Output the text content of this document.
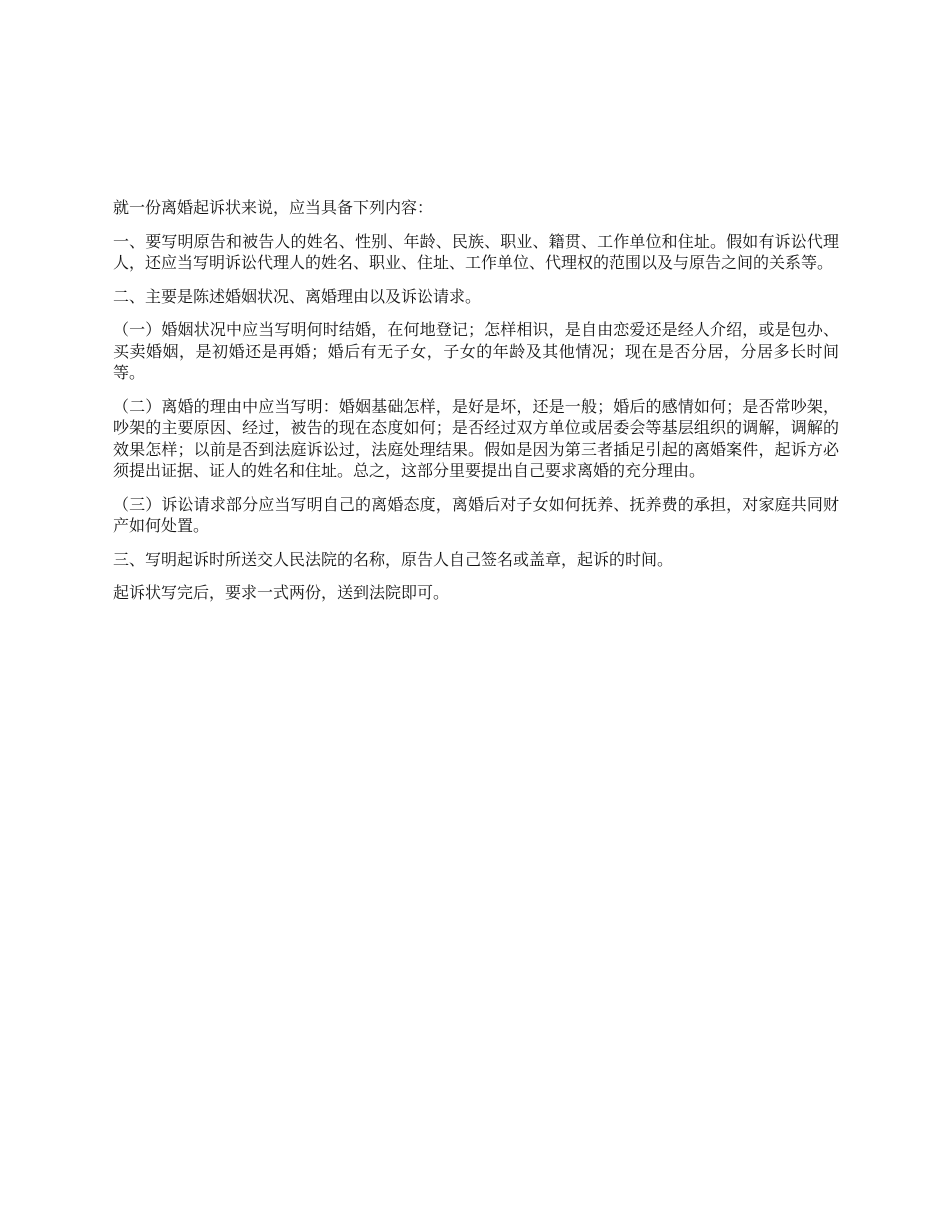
就一份离婚起诉状来说，应当具备下列内容：

一、要写明原告和被告人的姓名、性别、年龄、民族、职业、籍贯、工作单位和住址。假如有诉讼代理人，还应当写明诉讼代理人的姓名、职业、住址、工作单位、代理权的范围以及与原告之间的关系等。

二、主要是陈述婚姻状况、离婚理由以及诉讼请求。

（一）婚姻状况中应当写明何时结婚，在何地登记；怎样相识，是自由恋爱还是经人介绍，或是包办、买卖婚姻，是初婚还是再婚；婚后有无子女，子女的年龄及其他情况；现在是否分居，分居多长时间等。

（二）离婚的理由中应当写明：婚姻基础怎样，是好是坏，还是一般；婚后的感情如何；是否常吵架，吵架的主要原因、经过，被告的现在态度如何；是否经过双方单位或居委会等基层组织的调解，调解的效果怎样；以前是否到法庭诉讼过，法庭处理结果。假如是因为第三者插足引起的离婚案件，起诉方必须提出证据、证人的姓名和住址。总之，这部分里要提出自己要求离婚的充分理由。

（三）诉讼请求部分应当写明自己的离婚态度，离婚后对子女如何抚养、抚养费的承担，对家庭共同财产如何处置。

三、写明起诉时所送交人民法院的名称，原告人自己签名或盖章，起诉的时间。

起诉状写完后，要求一式两份，送到法院即可。
